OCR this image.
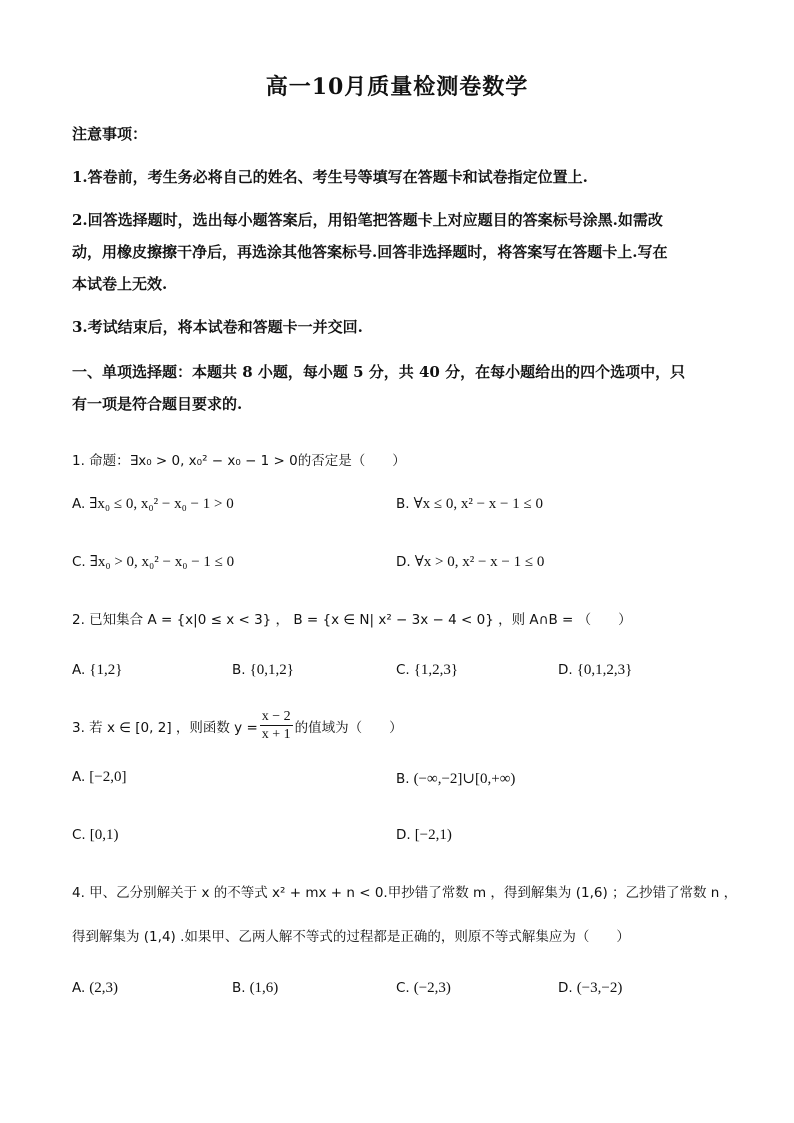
高一10月质量检测卷数学
注意事项：
1.答卷前，考生务必将自己的姓名、考生号等填写在答题卡和试卷指定位置上.
2.回答选择题时，选出每小题答案后，用铅笔把答题卡上对应题目的答案标号涂黑.如需改
动，用橡皮擦擦干净后，再选涂其他答案标号.回答非选择题时，将答案写在答题卡上.写在
本试卷上无效.
3.考试结束后，将本试卷和答题卡一并交回.
一、单项选择题：本题共 8 小题，每小题 5 分，共 40 分，在每小题给出的四个选项中，只
有一项是符合题目要求的.
1. 命题：∃x₀ > 0, x₀² − x₀ − 1 > 0的否定是（　　）
A. ∃x₀ ≤ 0, x₀² − x₀ − 1 > 0	B. ∀x ≤ 0, x² − x − 1 ≤ 0
C. ∃x₀ > 0, x₀² − x₀ − 1 ≤ 0	D. ∀x > 0, x² − x − 1 ≤ 0
2. 已知集合 A = {x|0 ≤ x < 3} ， B = {x ∈ N| x² − 3x − 4 < 0} ，则 A∩B = （　　）
A. {1,2}	B. {0,1,2}	C. {1,2,3}	D. {0,1,2,3}
3. 若 x ∈ [0, 2] ，则函数 $y = \frac{x - 2}{x + 1}$ 的值域为（　　）
A. [−2,0]	B. (−∞,−2]∪[0,+∞)
C. [0,1)	D. [−2,1)
4. 甲、乙分别解关于 x 的不等式 x² + mx + n < 0.甲抄错了常数 m ，得到解集为 (1,6) ；乙抄错了常数 n ，
得到解集为 (1,4) .如果甲、乙两人解不等式的过程都是正确的，则原不等式解集应为（　　）
A. (2,3)	B. (1,6)	C. (−2,3)	D. (−3,−2)
